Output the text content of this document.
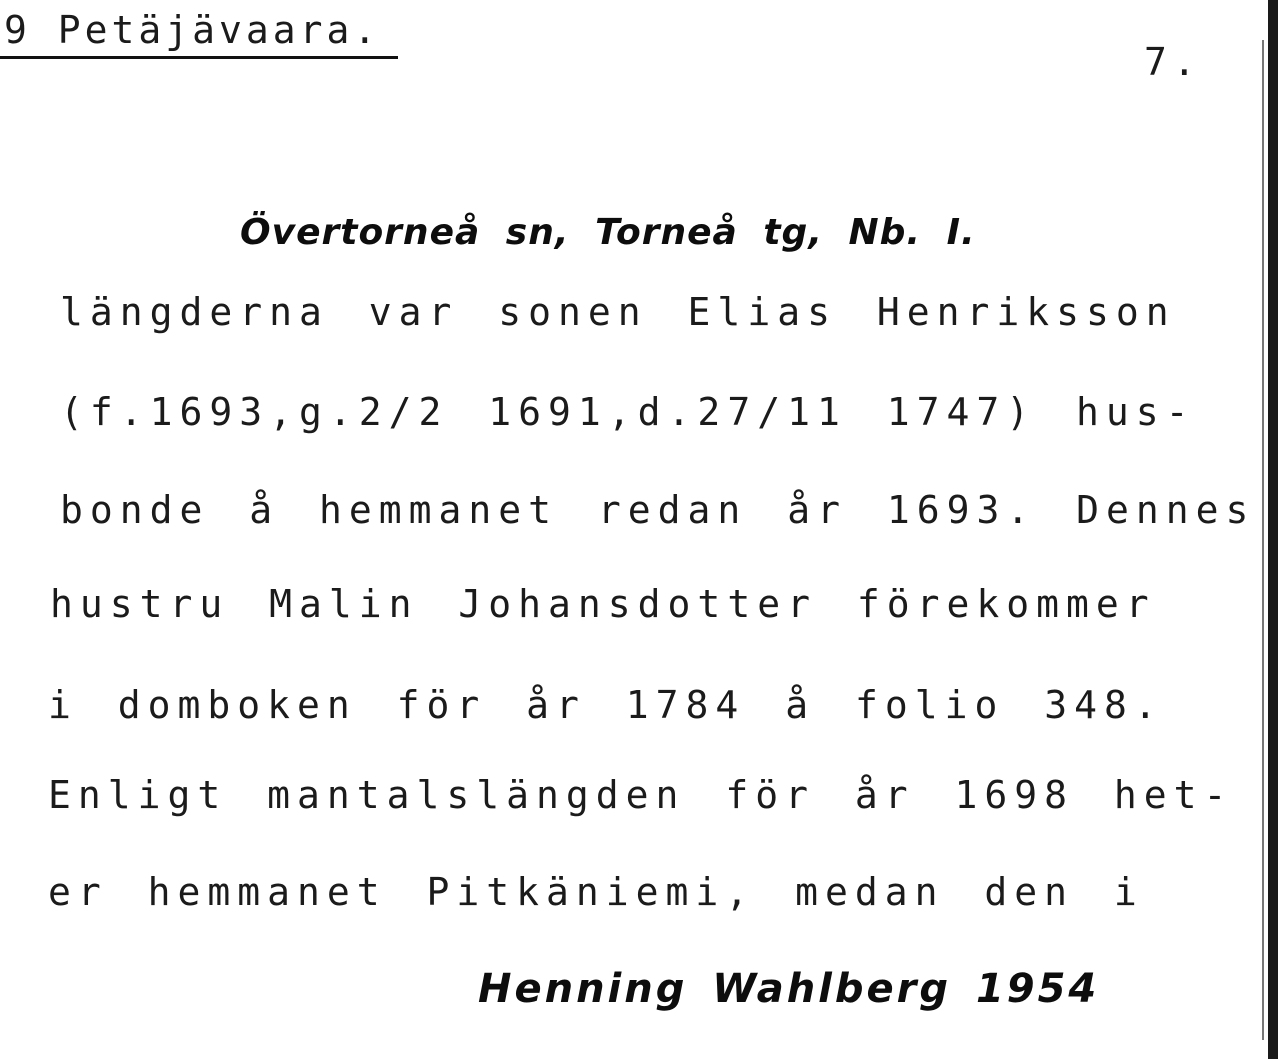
9 Petäjävaara.
7.
Övertorneå sn, Torneå tg, Nb. I.
längderna var sonen Elias Henriksson
(f.1693,g.2/2 1691,d.27/11 1747) hus-
bonde å hemmanet redan år 1693. Dennes
hustru Malin Johansdotter förekommer
i domboken för år 1784 å folio 348.
Enligt mantalslängden för år 1698 het-
er hemmanet Pitkäniemi, medan den i
Henning Wahlberg 1954
